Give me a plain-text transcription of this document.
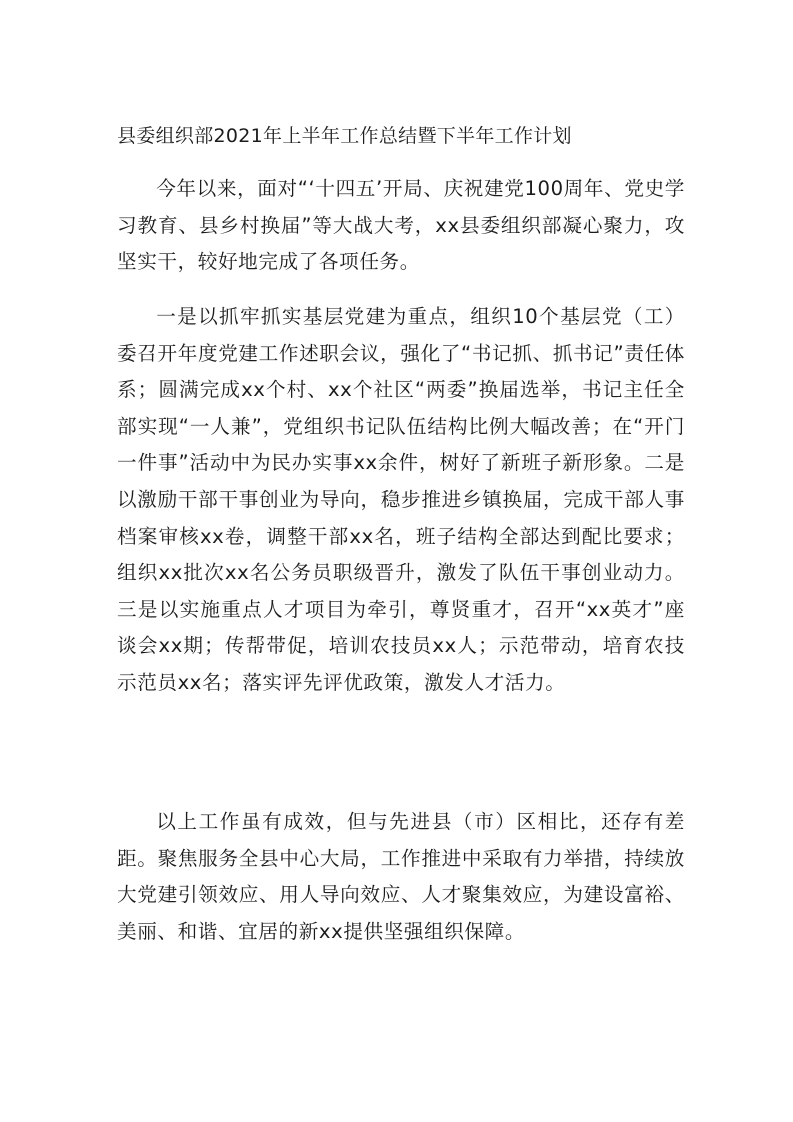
县委组织部2021年上半年工作总结暨下半年工作计划

今年以来，面对“‘十四五’开局、庆祝建党100周年、党史学习教育、县乡村换届”等大战大考，xx县委组织部凝心聚力，攻坚实干，较好地完成了各项任务。

一是以抓牢抓实基层党建为重点，组织10个基层党（工）委召开年度党建工作述职会议，强化了“书记抓、抓书记”责任体系；圆满完成xx个村、xx个社区“两委”换届选举，书记主任全部实现“一人兼”，党组织书记队伍结构比例大幅改善；在“开门一件事”活动中为民办实事xx余件，树好了新班子新形象。二是以激励干部干事创业为导向，稳步推进乡镇换届，完成干部人事档案审核xx卷，调整干部xx名，班子结构全部达到配比要求；组织xx批次xx名公务员职级晋升，激发了队伍干事创业动力。三是以实施重点人才项目为牵引，尊贤重才，召开“xx英才”座谈会xx期；传帮带促，培训农技员xx人；示范带动，培育农技示范员xx名；落实评先评优政策，激发人才活力。

以上工作虽有成效，但与先进县（市）区相比，还存有差距。聚焦服务全县中心大局，工作推进中采取有力举措，持续放大党建引领效应、用人导向效应、人才聚集效应，为建设富裕、美丽、和谐、宜居的新xx提供坚强组织保障。
